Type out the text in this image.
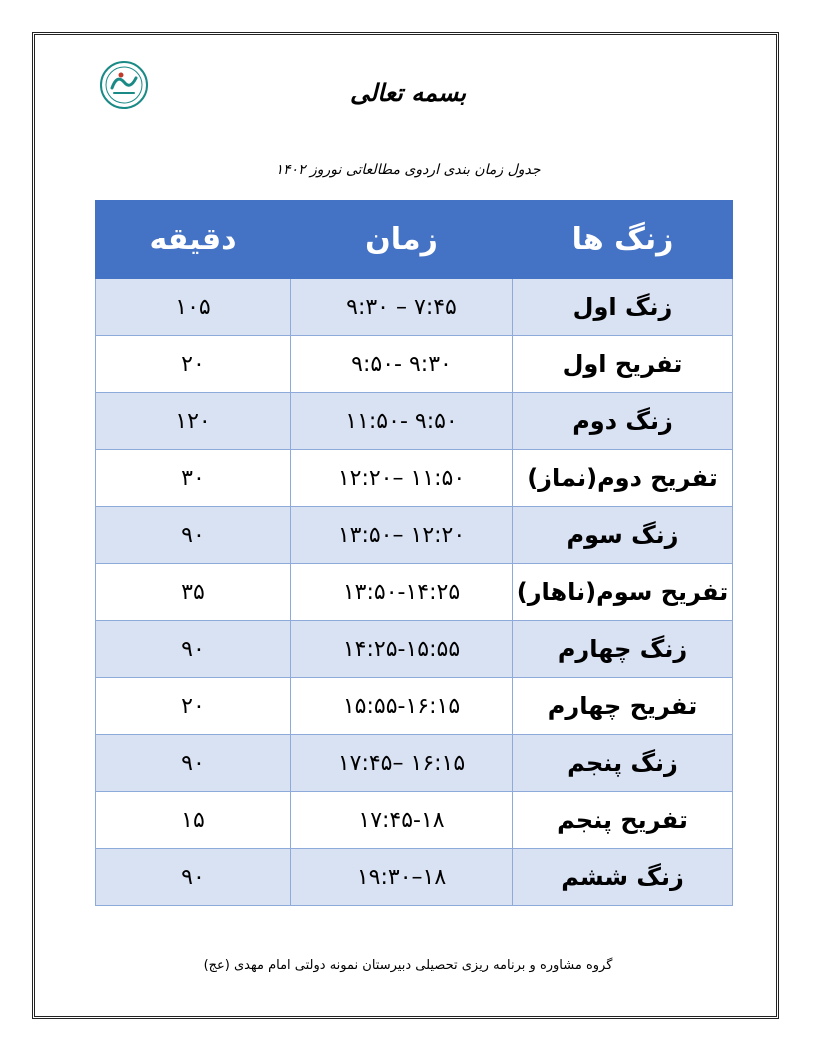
بسمه تعالی
جدول زمان بندی اردوی مطالعاتی نوروز ۱۴۰۲
زنگ ها	زمان	دقیقه
زنگ اول	۷:۴۵ – ۹:۳۰	۱۰۵
تفریح اول	۹:۳۰ -۹:۵۰	۲۰
زنگ دوم	۹:۵۰ -۱۱:۵۰	۱۲۰
تفریح دوم(نماز)	۱۱:۵۰ –۱۲:۲۰	۳۰
زنگ سوم	۱۲:۲۰ –۱۳:۵۰	۹۰
تفریح سوم(ناهار)	۱۳:۵۰-۱۴:۲۵	۳۵
زنگ چهارم	۱۴:۲۵-۱۵:۵۵	۹۰
تفریح چهارم	۱۵:۵۵-۱۶:۱۵	۲۰
زنگ پنجم	۱۶:۱۵ –۱۷:۴۵	۹۰
تفریح پنجم	۱۷:۴۵-۱۸	۱۵
زنگ ششم	۱۸–۱۹:۳۰	۹۰
گروه مشاوره و برنامه ریزی تحصیلی دبیرستان نمونه دولتی امام مهدی (عج)
